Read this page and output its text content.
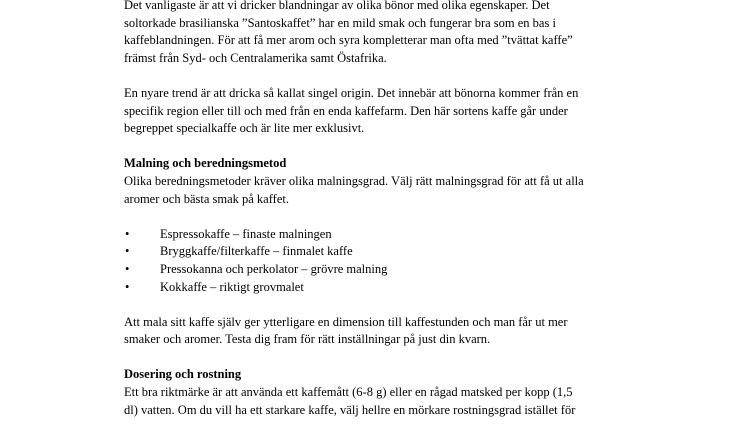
Det vanligaste är att vi dricker blandningar av olika bönor med olika egenskaper. Det
soltorkade brasilianska ”Santoskaffet” har en mild smak och fungerar bra som en bas i
kaffeblandningen. För att få mer arom och syra kompletterar man ofta med ”tvättat kaffe”
främst från Syd- och Centralamerika samt Östafrika.

En nyare trend är att dricka så kallat singel origin. Det innebär att bönorna kommer från en
specifik region eller till och med från en enda kaffefarm. Den här sortens kaffe går under
begreppet specialkaffe och är lite mer exklusivt.

Malning och beredningsmetod

Olika beredningsmetoder kräver olika malningsgrad. Välj rätt malningsgrad för att få ut alla
aromer och bästa smak på kaffet.

• Espressokaffe – finaste malningen
• Bryggkaffe/filterkaffe – finmalet kaffe
• Pressokanna och perkolator – grövre malning
• Kokkaffe – riktigt grovmalet

Att mala sitt kaffe själv ger ytterligare en dimension till kaffestunden och man får ut mer
smaker och aromer. Testa dig fram för rätt inställningar på just din kvarn.

Dosering och rostning

Ett bra riktmärke är att använda ett kaffemått (6-8 g) eller en rågad matsked per kopp (1,5
dl) vatten. Om du vill ha ett starkare kaffe, välj hellre en mörkare rostningsgrad istället för
